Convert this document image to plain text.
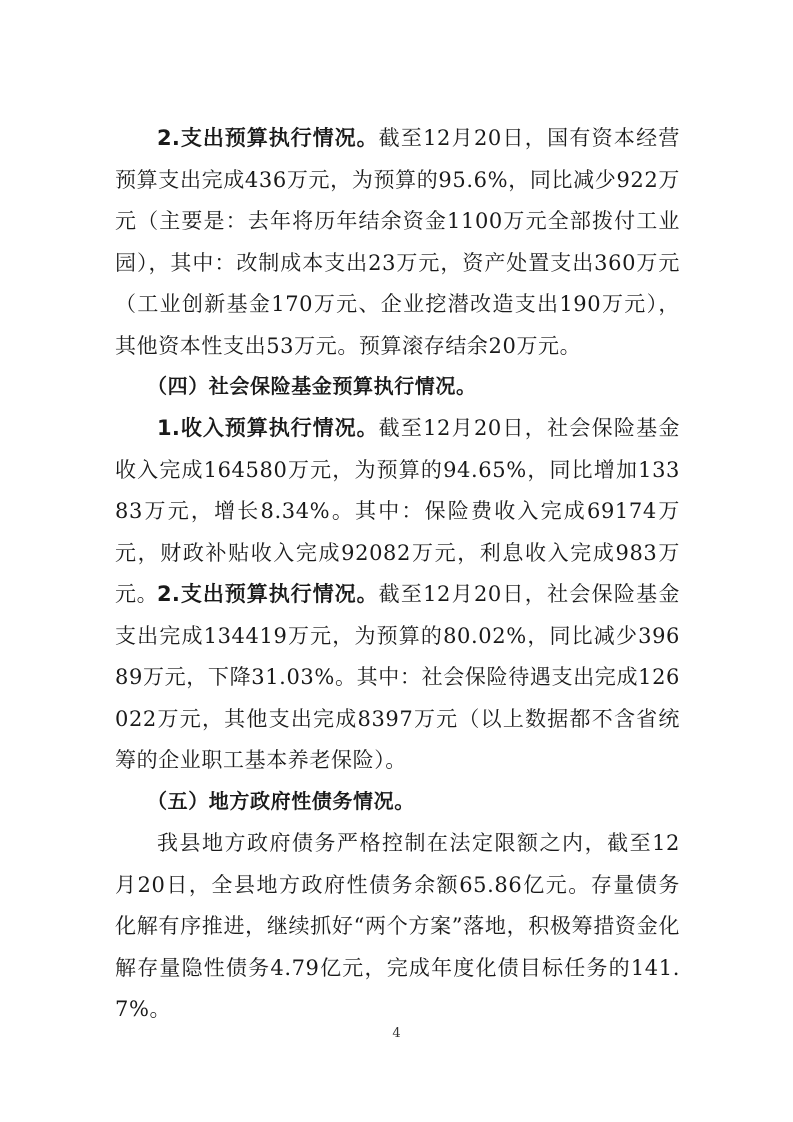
2.支出预算执行情况。截至12月20日，国有资本经营预算支出完成436万元，为预算的95.6%，同比减少922万元（主要是：去年将历年结余资金1100万元全部拨付工业园），其中：改制成本支出23万元，资产处置支出360万元（工业创新基金170万元、企业挖潜改造支出190万元），其他资本性支出53万元。预算滚存结余20万元。

（四）社会保险基金预算执行情况。

1.收入预算执行情况。截至12月20日，社会保险基金收入完成164580万元，为预算的94.65%，同比增加13383万元，增长8.34%。其中：保险费收入完成69174万元，财政补贴收入完成92082万元，利息收入完成983万元。

2.支出预算执行情况。截至12月20日，社会保险基金支出完成134419万元，为预算的80.02%，同比减少39689万元，下降31.03%。其中：社会保险待遇支出完成126022万元，其他支出完成8397万元（以上数据都不含省统筹的企业职工基本养老保险）。

（五）地方政府性债务情况。

我县地方政府债务严格控制在法定限额之内，截至12月20日，全县地方政府性债务余额65.86亿元。存量债务化解有序推进，继续抓好“两个方案”落地，积极筹措资金化解存量隐性债务4.79亿元，完成年度化债目标任务的141.7%。

4
